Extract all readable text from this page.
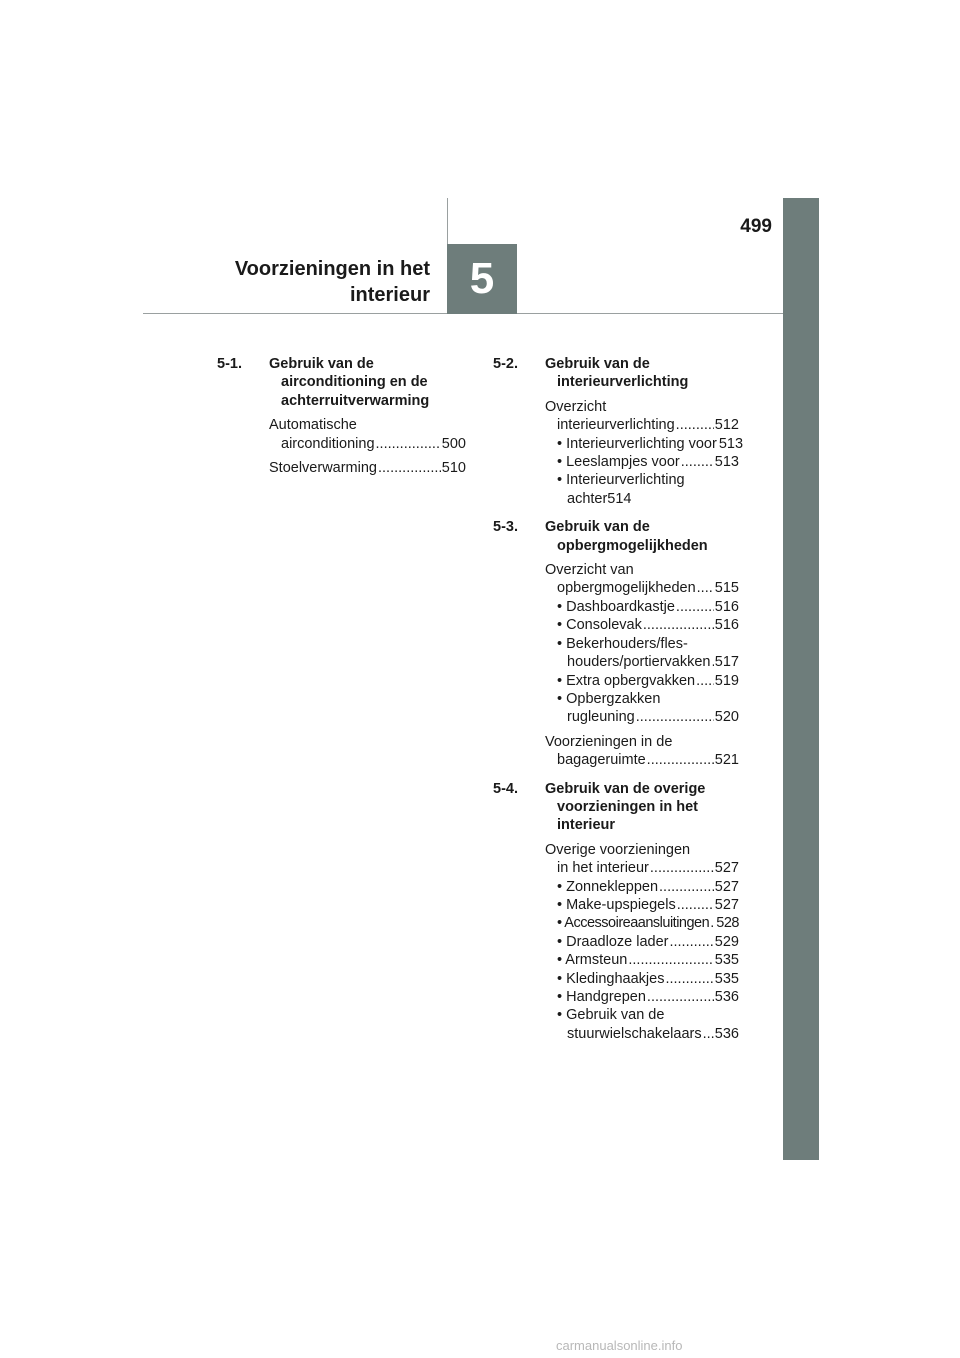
5
499
Voorzieningen in het
interieur
5-1. Gebruik van de
airconditioning en de
achterruitverwarming
Automatische
airconditioning .....	500
Stoelverwarming .....	510
5-2. Gebruik van de
interieurverlichting
Overzicht
interieurverlichting .....	512
• Interieurverlichting voor 513
• Leeslampjes voor ..... 513
• Interieurverlichting
achter514
5-3. Gebruik van de
opbergmogelijkheden
Overzicht van
opbergmogelijkheden ..... 515
• Dashboardkastje .....	516
• Consolevak .....	516
• Bekerhouders/fles-
houders/portiervakken ..... 517
• Extra opbergvakken ..... 519
• Opbergzakken
rugleuning .....	520
Voorzieningen in de
bagageruimte .....	521
5-4. Gebruik van de overige
voorzieningen in het
interieur
Overige voorzieningen
in het interieur .....	527
• Zonnekleppen .....	527
• Make-upspiegels .....	527
• Accessoireaansluitingen ..... 528
• Draadloze lader .....	529
• Armsteun .....	535
• Kledinghaakjes .....	535
• Handgrepen .....	536
• Gebruik van de
stuurwielschakelaars ..... 536
carmanualsonline.info
